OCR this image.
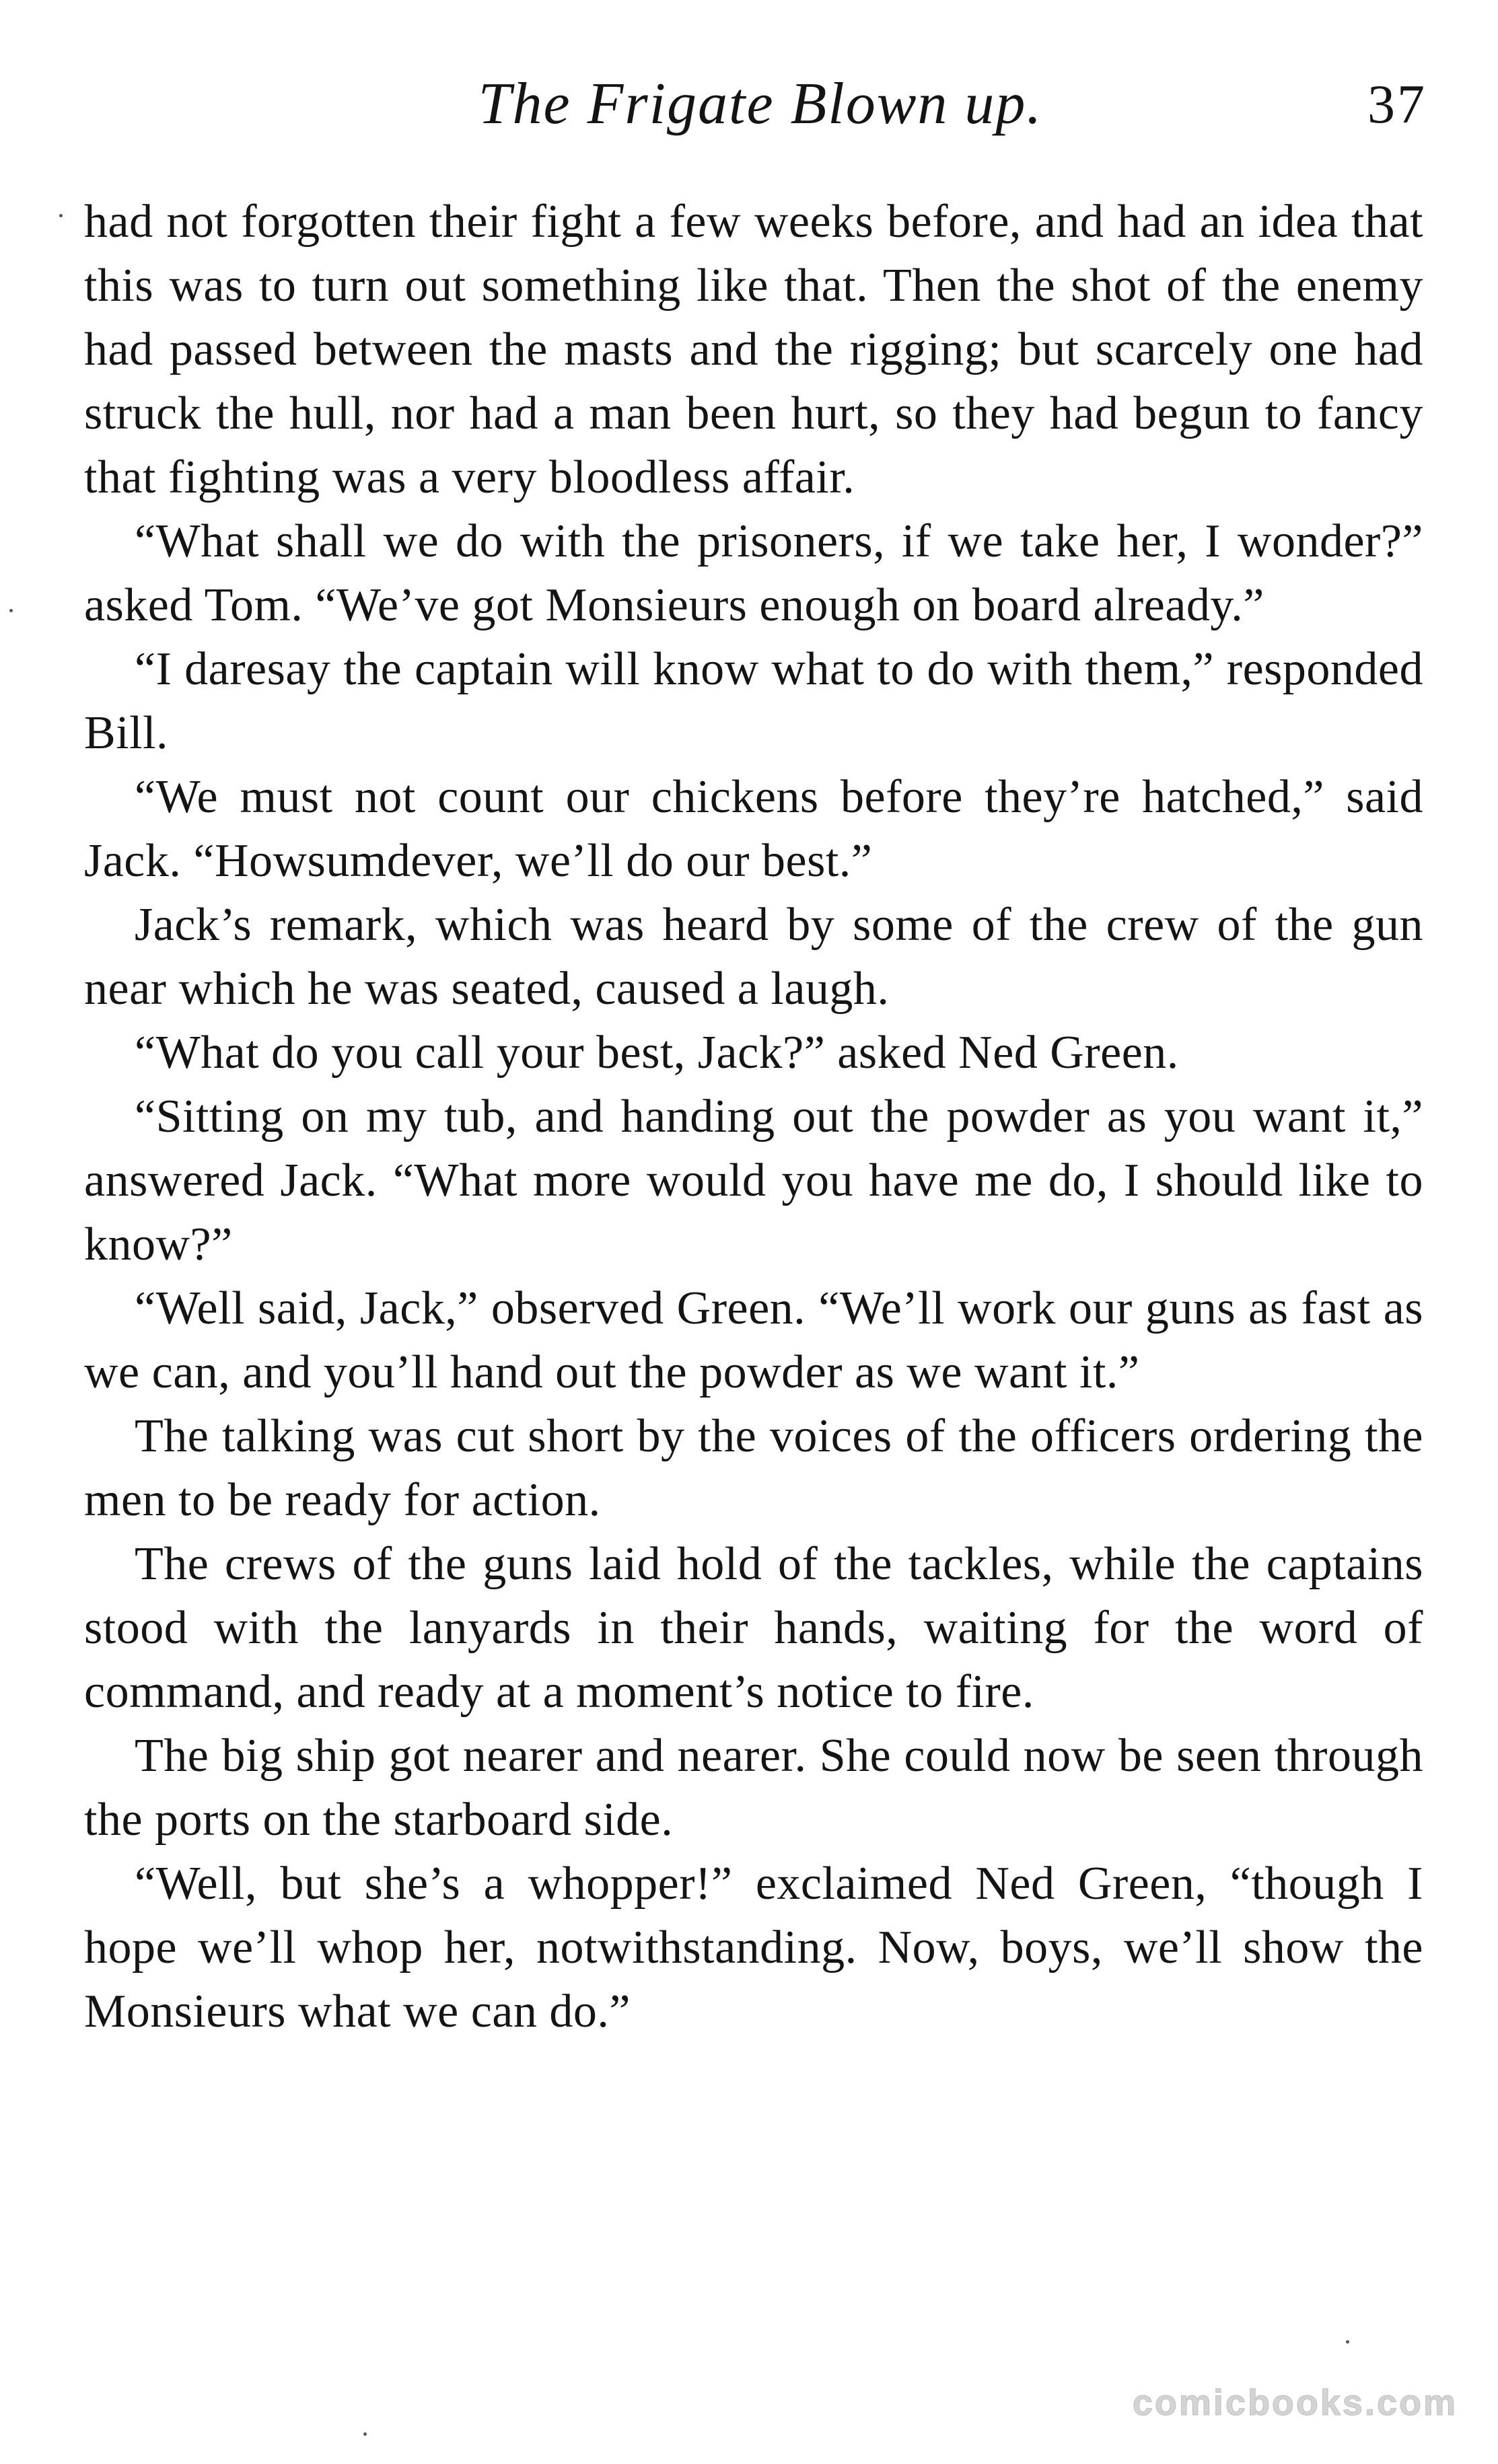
The Frigate Blown up.	37

had not forgotten their fight a few weeks before, and had an idea that this was to turn out something like that. Then the shot of the enemy had passed between the masts and the rigging; but scarcely one had struck the hull, nor had a man been hurt, so they had begun to fancy that fighting was a very bloodless affair.

“What shall we do with the prisoners, if we take her, I wonder?” asked Tom. “We’ve got Monsieurs enough on board already.”

“I daresay the captain will know what to do with them,” responded Bill.

“We must not count our chickens before they’re hatched,” said Jack. “Howsumdever, we’ll do our best.”

Jack’s remark, which was heard by some of the crew of the gun near which he was seated, caused a laugh.

“What do you call your best, Jack?” asked Ned Green.

“Sitting on my tub, and handing out the powder as you want it,” answered Jack. “What more would you have me do, I should like to know?”

“Well said, Jack,” observed Green. “We’ll work our guns as fast as we can, and you’ll hand out the powder as we want it.”

The talking was cut short by the voices of the officers ordering the men to be ready for action.

The crews of the guns laid hold of the tackles, while the captains stood with the lanyards in their hands, waiting for the word of command, and ready at a moment’s notice to fire.

The big ship got nearer and nearer. She could now be seen through the ports on the starboard side.

“Well, but she’s a whopper!” exclaimed Ned Green, “though I hope we’ll whop her, notwithstanding. Now, boys, we’ll show the Monsieurs what we can do.”

comicbooks.com
